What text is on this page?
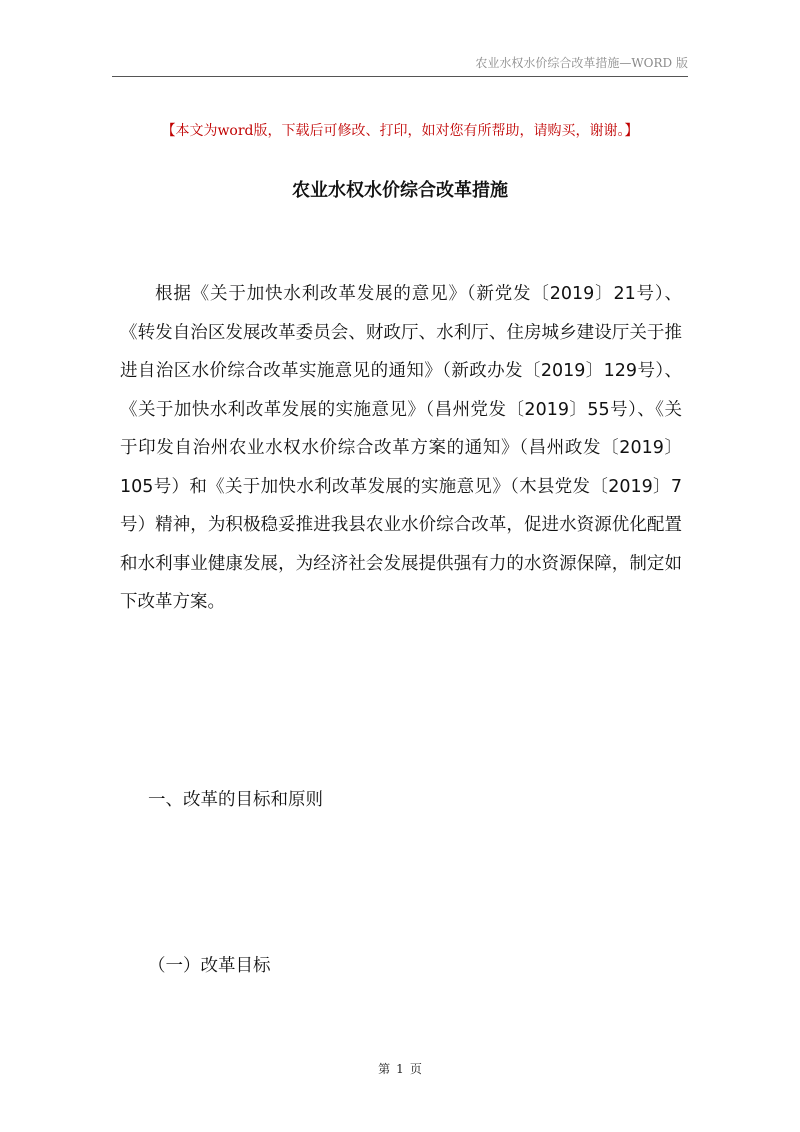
农业水权水价综合改革措施—WORD 版
【本文为word版，下载后可修改、打印，如对您有所帮助，请购买，谢谢。】
农业水权水价综合改革措施

根据《关于加快水利改革发展的意见》（新党发〔2019〕21号）、《转发自治区发展改革委员会、财政厅、水利厅、住房城乡建设厅关于推进自治区水价综合改革实施意见的通知》（新政办发〔2019〕129号）、《关于加快水利改革发展的实施意见》（昌州党发〔2019〕55号）、《关于印发自治州农业水权水价综合改革方案的通知》（昌州政发〔2019〕105号）和《关于加快水利改革发展的实施意见》（木县党发〔2019〕7号）精神，为积极稳妥推进我县农业水价综合改革，促进水资源优化配置和水利事业健康发展，为经济社会发展提供强有力的水资源保障，制定如下改革方案。

一、改革的目标和原则
（一）改革目标
第 1 页
